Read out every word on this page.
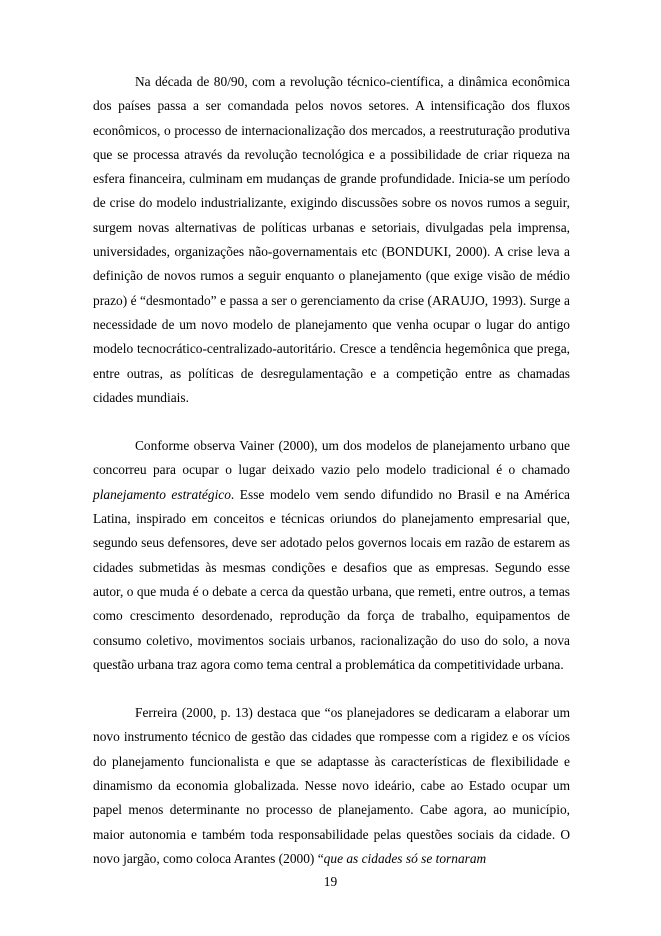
Na década de 80/90, com a revolução técnico-científica, a dinâmica econômica dos países passa a ser comandada pelos novos setores. A intensificação dos fluxos econômicos, o processo de internacionalização dos mercados, a reestruturação produtiva que se processa através da revolução tecnológica e a possibilidade de criar riqueza na esfera financeira, culminam em mudanças de grande profundidade. Inicia-se um período de crise do modelo industrializante, exigindo discussões sobre os novos rumos a seguir, surgem novas alternativas de políticas urbanas e setoriais, divulgadas pela imprensa, universidades, organizações não-governamentais etc (BONDUKI, 2000). A crise leva a definição de novos rumos a seguir enquanto o planejamento (que exige visão de médio prazo) é “desmontado” e passa a ser o gerenciamento da crise (ARAUJO, 1993). Surge a necessidade de um novo modelo de planejamento que venha ocupar o lugar do antigo modelo tecnocrático-centralizado-autoritário. Cresce a tendência hegemônica que prega, entre outras, as políticas de desregulamentação e a competição entre as chamadas cidades mundiais.

Conforme observa Vainer (2000), um dos modelos de planejamento urbano que concorreu para ocupar o lugar deixado vazio pelo modelo tradicional é o chamado planejamento estratégico. Esse modelo vem sendo difundido no Brasil e na América Latina, inspirado em conceitos e técnicas oriundos do planejamento empresarial que, segundo seus defensores, deve ser adotado pelos governos locais em razão de estarem as cidades submetidas às mesmas condições e desafios que as empresas. Segundo esse autor, o que muda é o debate a cerca da questão urbana, que remeti, entre outros, a temas como crescimento desordenado, reprodução da força de trabalho, equipamentos de consumo coletivo, movimentos sociais urbanos, racionalização do uso do solo, a nova questão urbana traz agora como tema central a problemática da competitividade urbana.

Ferreira (2000, p. 13) destaca que “os planejadores se dedicaram a elaborar um novo instrumento técnico de gestão das cidades que rompesse com a rigidez e os vícios do planejamento funcionalista e que se adaptasse às características de flexibilidade e dinamismo da economia globalizada. Nesse novo ideário, cabe ao Estado ocupar um papel menos determinante no processo de planejamento. Cabe agora, ao município, maior autonomia e também toda responsabilidade pelas questões sociais da cidade. O novo jargão, como coloca Arantes (2000) “que as cidades só se tornaram

19
